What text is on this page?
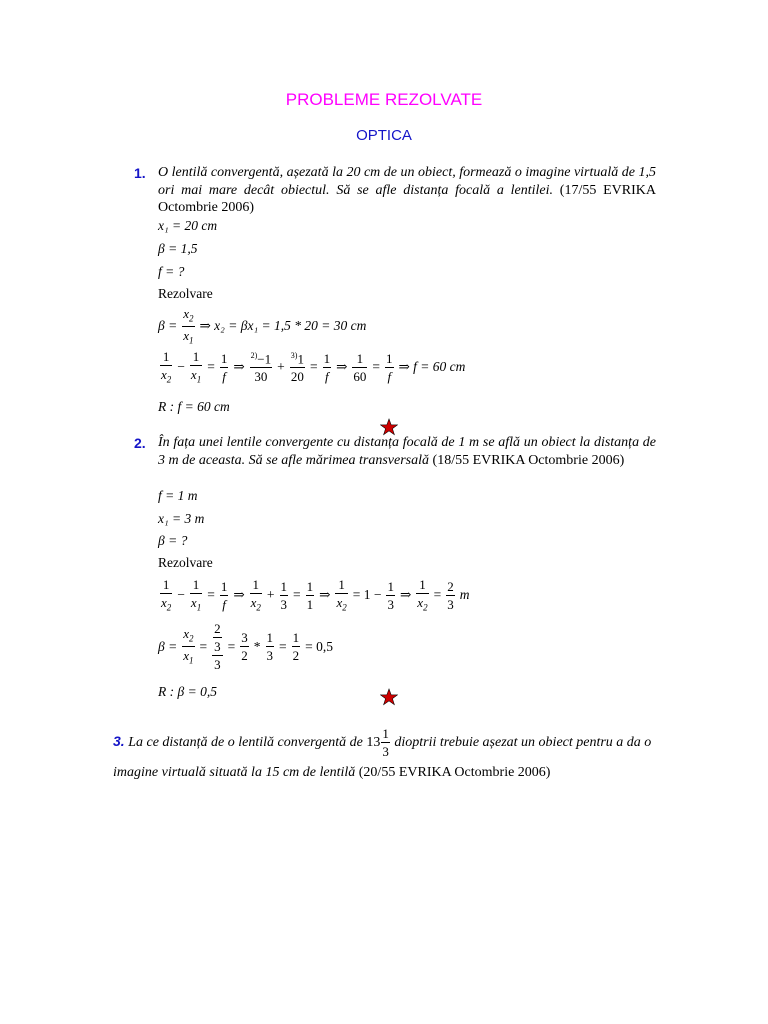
PROBLEME REZOLVATE
OPTICA
1. O lentilă convergentă, așezată la 20 cm de un obiect, formează o imagine virtuală de 1,5 ori mai mare decât obiectul. Să se afle distanța focală a lentilei. (17/55 EVRIKA Octombrie 2006)
x₁ = 20 cm
β = 1,5
f = ?
Rezolvare
$\beta = \frac{x_2}{x_1}$ ⇒ x₂ = βx₁ = 1,5 * 20 = 30 cm
$\frac{1}{x_2} - \frac{1}{x_1} = \frac{1}{f}$ ⇒ $\frac{^{2)}-1}{30} + \frac{^{3)}1}{20} = \frac{1}{f}$ ⇒ $\frac{1}{60} = \frac{1}{f}$ ⇒ f = 60 cm
R : f = 60 cm
2. În fața unei lentile convergente cu distanța focală de 1 m se află un obiect la distanța de 3 m de aceasta. Să se afle mărimea transversală (18/55 EVRIKA Octombrie 2006)
f = 1 m
x₁ = 3 m
β = ?
Rezolvare
$\frac{1}{x_2} - \frac{1}{x_1} = \frac{1}{f}$ ⇒ $\frac{1}{x_2} + \frac{1}{3} = \frac{1}{1}$ ⇒ $\frac{1}{x_2} = 1 - \frac{1}{3}$ ⇒ $\frac{1}{x_2} = \frac{2}{3}$ m
$\beta = \frac{x_2}{x_1} = \frac{\frac{2}{3}}{3} = \frac{3}{2} * \frac{1}{3} = \frac{1}{2} = 0,5$
R : β = 0,5
3. La ce distanță de o lentilă convergentă de $13 \frac{1}{3}$ dioptrii trebuie așezat un obiect pentru a da o imagine virtuală situată la 15 cm de lentilă (20/55 EVRIKA Octombrie 2006)
